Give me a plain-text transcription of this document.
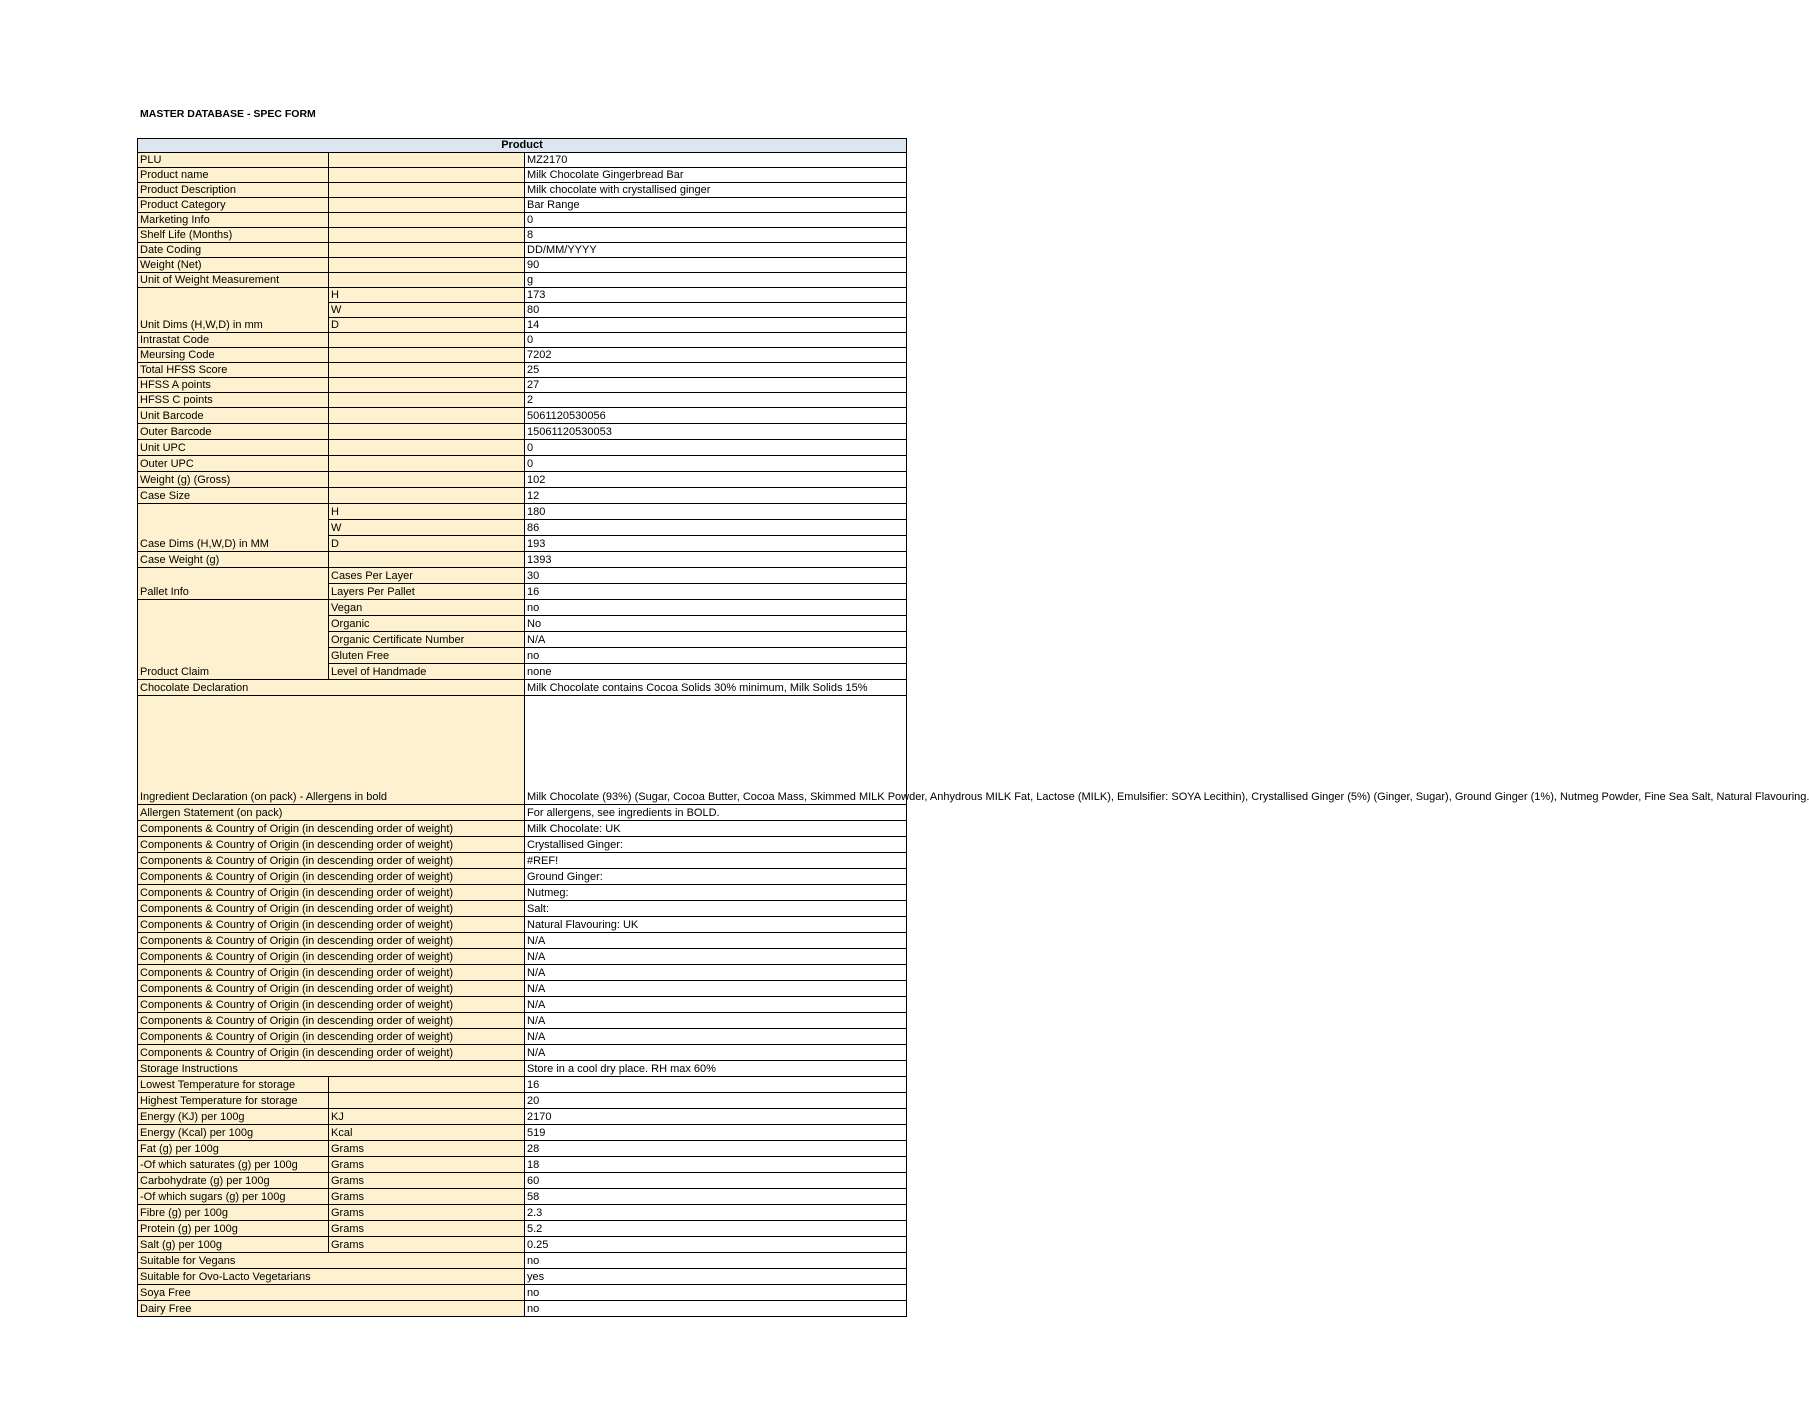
MASTER DATABASE - SPEC FORM
Product		
PLU		MZ2170
Product name		Milk Chocolate Gingerbread Bar
Product Description		Milk chocolate with crystallised ginger
Product Category		Bar Range
Marketing Info		0
Shelf Life (Months)		8
Date Coding		DD/MM/YYYY
Weight (Net)		90
Unit of Weight Measurement		g
Unit Dims (H,W,D) in mm	H	173
	W	80
	D	14
Intrastat Code		0
Meursing Code		7202
Total HFSS Score		25
HFSS A points		27
HFSS C points		2
Unit Barcode		5061120530056
Outer Barcode		15061120530053
Unit UPC		0
Outer UPC		0
Weight (g) (Gross)		102
Case Size		12
Case Dims (H,W,D) in MM	H	180
	W	86
	D	193
Case Weight (g)		1393
Pallet Info	Cases Per Layer	30
	Layers Per Pallet	16
Product Claim	Vegan	no
	Organic	No
	Organic Certificate Number	N/A
	Gluten Free	no
	Level of Handmade	none
Chocolate Declaration		Milk Chocolate contains Cocoa Solids 30% minimum, Milk Solids 15%
Ingredient Declaration (on pack) - Allergens in bold		Milk Chocolate (93%) (Sugar, Cocoa Butter, Cocoa Mass, Skimmed MILK Powder, Anhydrous MILK Fat, Lactose (MILK), Emulsifier: SOYA Lecithin), Crystallised Ginger (5%) (Ginger, Sugar), Ground Ginger (1%), Nutmeg Powder, Fine Sea Salt, Natural Flavouring.
Allergen Statement (on pack)		For allergens, see ingredients in BOLD.
Components & Country of Origin (in descending order of weight)		Milk Chocolate: UK
Components & Country of Origin (in descending order of weight)		Crystallised Ginger:
Components & Country of Origin (in descending order of weight)		#REF!
Components & Country of Origin (in descending order of weight)		Ground Ginger:
Components & Country of Origin (in descending order of weight)		Nutmeg:
Components & Country of Origin (in descending order of weight)		Salt:
Components & Country of Origin (in descending order of weight)		Natural Flavouring: UK
Components & Country of Origin (in descending order of weight)		N/A
Components & Country of Origin (in descending order of weight)		N/A
Components & Country of Origin (in descending order of weight)		N/A
Components & Country of Origin (in descending order of weight)		N/A
Components & Country of Origin (in descending order of weight)		N/A
Components & Country of Origin (in descending order of weight)		N/A
Components & Country of Origin (in descending order of weight)		N/A
Components & Country of Origin (in descending order of weight)		N/A
Storage Instructions		Store in a cool dry place. RH max 60%
Lowest Temperature for storage		16
Highest Temperature for storage		20
Energy (KJ) per 100g	KJ	2170
Energy (Kcal) per 100g	Kcal	519
Fat (g) per 100g	Grams	28
-Of which saturates (g) per 100g	Grams	18
Carbohydrate (g) per 100g	Grams	60
-Of which sugars (g) per 100g	Grams	58
Fibre (g) per 100g	Grams	2.3
Protein (g) per 100g	Grams	5.2
Salt (g) per 100g	Grams	0.25
Suitable for Vegans		no
Suitable for Ovo-Lacto Vegetarians		yes
Soya Free		no
Dairy Free		no
